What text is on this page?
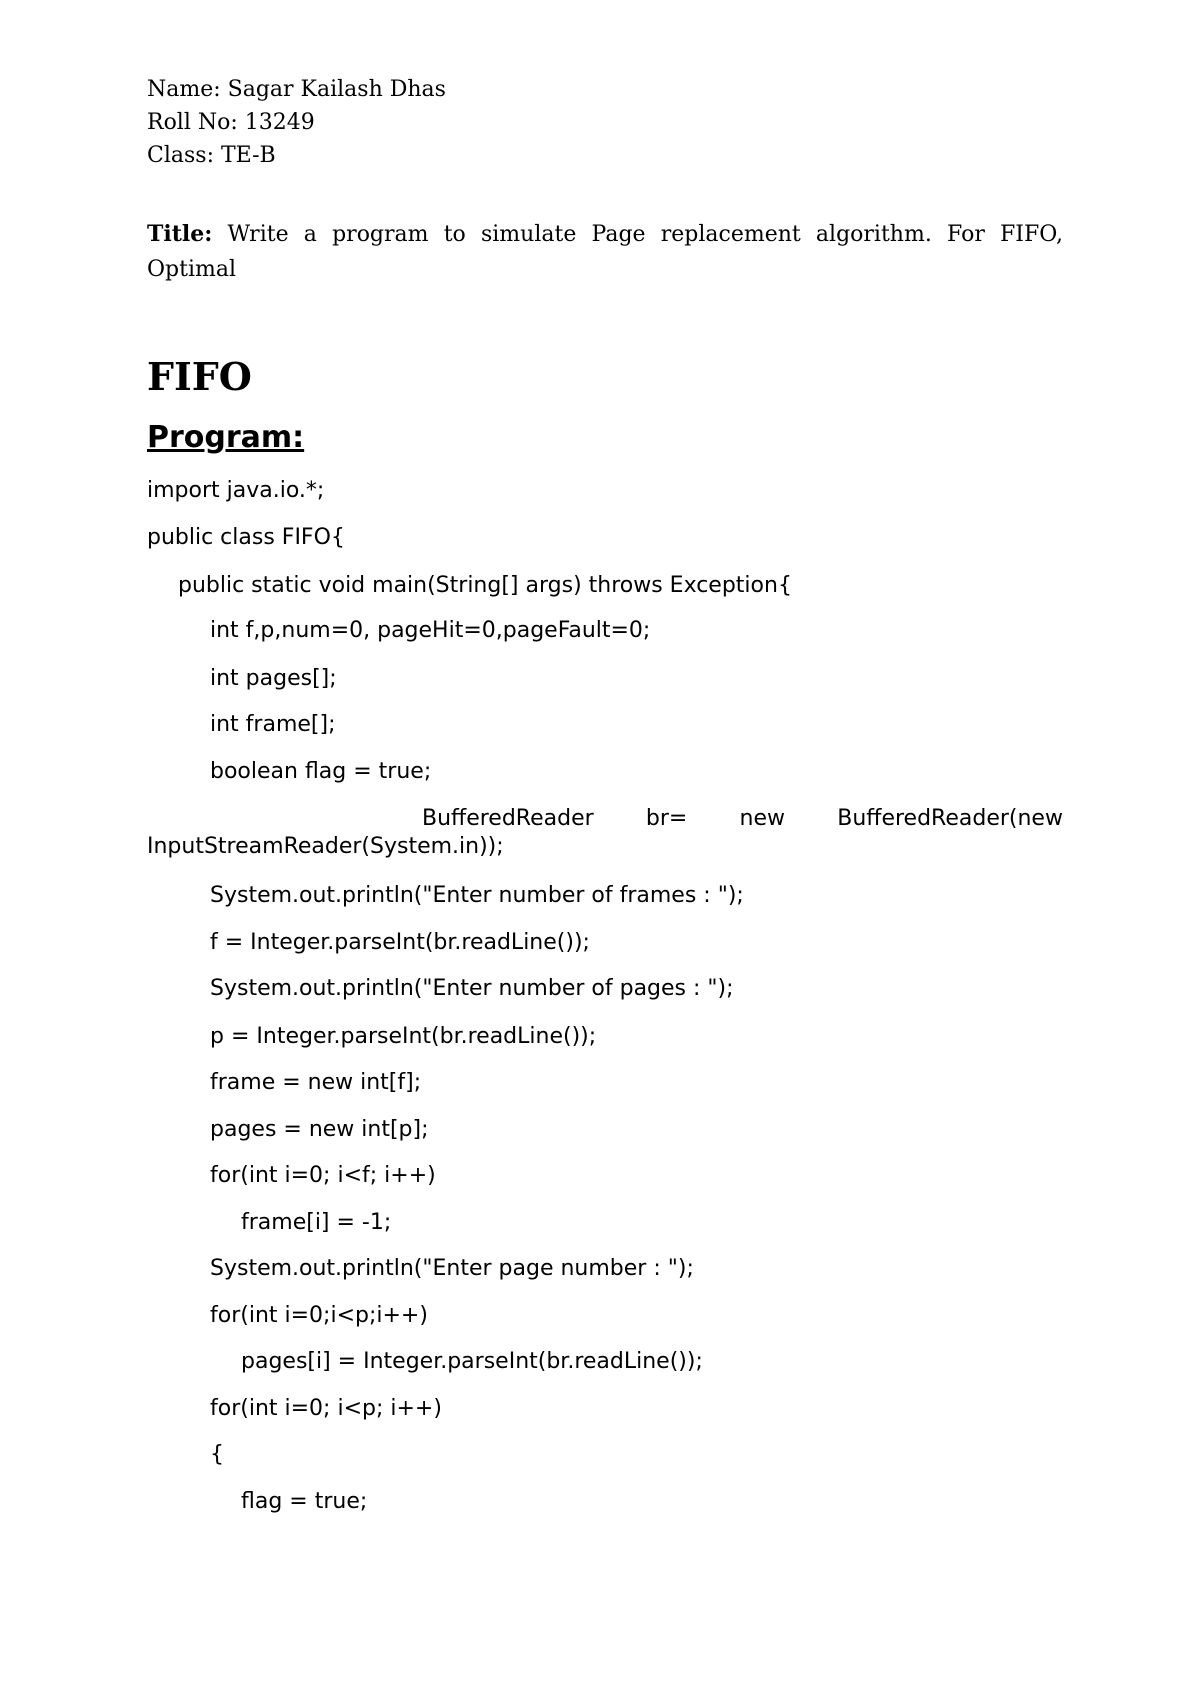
Name: Sagar Kailash Dhas
Roll No: 13249
Class: TE-B
Title: Write a program to simulate Page replacement algorithm. For FIFO, Optimal
FIFO
Program:
import java.io.*;
public class FIFO{
public static void main(String[] args) throws Exception{
int f,p,num=0, pageHit=0,pageFault=0;
int pages[];
int frame[];
boolean flag = true;
BufferedReader br= new BufferedReader(new
InputStreamReader(System.in));
System.out.println("Enter number of frames : ");
f = Integer.parseInt(br.readLine());
System.out.println("Enter number of pages : ");
p = Integer.parseInt(br.readLine());
frame = new int[f];
pages = new int[p];
for(int i=0; i<f; i++)
frame[i] = -1;
System.out.println("Enter page number : ");
for(int i=0;i<p;i++)
pages[i] = Integer.parseInt(br.readLine());
for(int i=0; i<p; i++)
{
flag = true;
